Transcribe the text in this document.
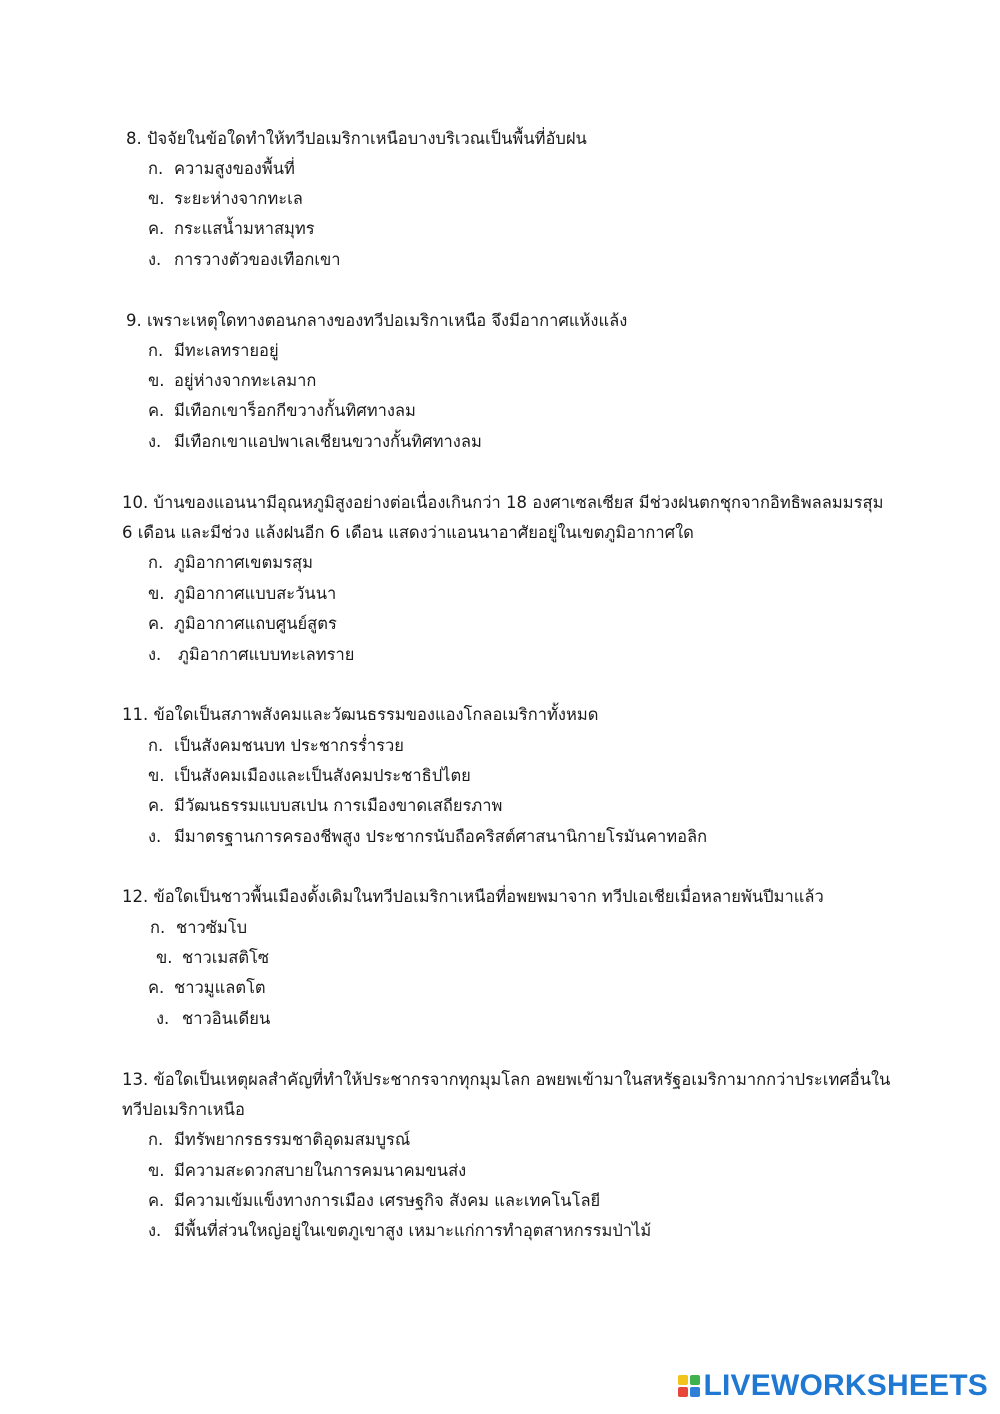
8. ปัจจัยในข้อใดทำให้ทวีปอเมริกาเหนือบางบริเวณเป็นพื้นที่อับฝน
ก. ความสูงของพื้นที่
ข. ระยะห่างจากทะเล
ค. กระแสน้ำมหาสมุทร
ง. การวางตัวของเทือกเขา
9. เพราะเหตุใดทางตอนกลางของทวีปอเมริกาเหนือ จึงมีอากาศแห้งแล้ง
ก. มีทะเลทรายอยู่
ข. อยู่ห่างจากทะเลมาก
ค. มีเทือกเขาร็อกกีขวางกั้นทิศทางลม
ง. มีเทือกเขาแอปพาเลเชียนขวางกั้นทิศทางลม
10. บ้านของแอนนามีอุณหภูมิสูงอย่างต่อเนื่องเกินกว่า 18 องศาเซลเซียส มีช่วงฝนตกชุกจากอิทธิพลลมมรสุม
6 เดือน และมีช่วง แล้งฝนอีก 6 เดือน แสดงว่าแอนนาอาศัยอยู่ในเขตภูมิอากาศใด
ก. ภูมิอากาศเขตมรสุม
ข. ภูมิอากาศแบบสะวันนา
ค. ภูมิอากาศแถบศูนย์สูตร
ง. ภูมิอากาศแบบทะเลทราย
11. ข้อใดเป็นสภาพสังคมและวัฒนธรรมของแองโกลอเมริกาทั้งหมด
ก. เป็นสังคมชนบท ประชากรร่ำรวย
ข. เป็นสังคมเมืองและเป็นสังคมประชาธิปไตย
ค. มีวัฒนธรรมแบบสเปน การเมืองขาดเสถียรภาพ
ง. มีมาตรฐานการครองชีพสูง ประชากรนับถือคริสต์ศาสนานิกายโรมันคาทอลิก
12. ข้อใดเป็นชาวพื้นเมืองดั้งเดิมในทวีปอเมริกาเหนือที่อพยพมาจาก ทวีปเอเชียเมื่อหลายพันปีมาแล้ว
ก. ชาวซัมโบ
ข. ชาวเมสติโซ
ค. ชาวมูแลตโต
ง. ชาวอินเดียน
13. ข้อใดเป็นเหตุผลสำคัญที่ทำให้ประชากรจากทุกมุมโลก อพยพเข้ามาในสหรัฐอเมริกามากกว่าประเทศอื่นใน
ทวีปอเมริกาเหนือ
ก. มีทรัพยากรธรรมชาติอุดมสมบูรณ์
ข. มีความสะดวกสบายในการคมนาคมขนส่ง
ค. มีความเข้มแข็งทางการเมือง เศรษฐกิจ สังคม และเทคโนโลยี
ง. มีพื้นที่ส่วนใหญ่อยู่ในเขตภูเขาสูง เหมาะแก่การทำอุตสาหกรรมป่าไม้
LIVEWORKSHEETS
